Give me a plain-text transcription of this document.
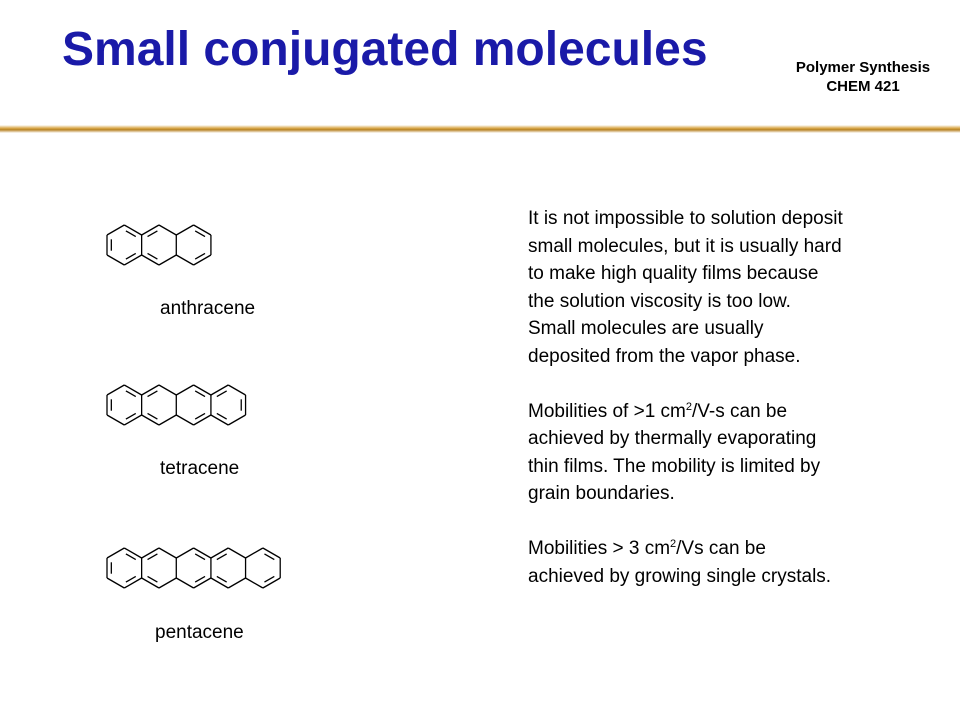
Small conjugated molecules	Polymer Synthesis
CHEM 421
anthracene
tetracene
pentacene
It is not impossible to solution deposit
small molecules, but it is usually hard
to make high quality films because
the solution viscosity is too low.
Small molecules are usually
deposited from the vapor phase.
Mobilities of >1 $cm^2/V-s$ can be
achieved by thermally evaporating
thin films. The mobility is limited by
grain boundaries.
Mobilities > 3 $cm^2/Vs$ can be
achieved by growing single crystals.
